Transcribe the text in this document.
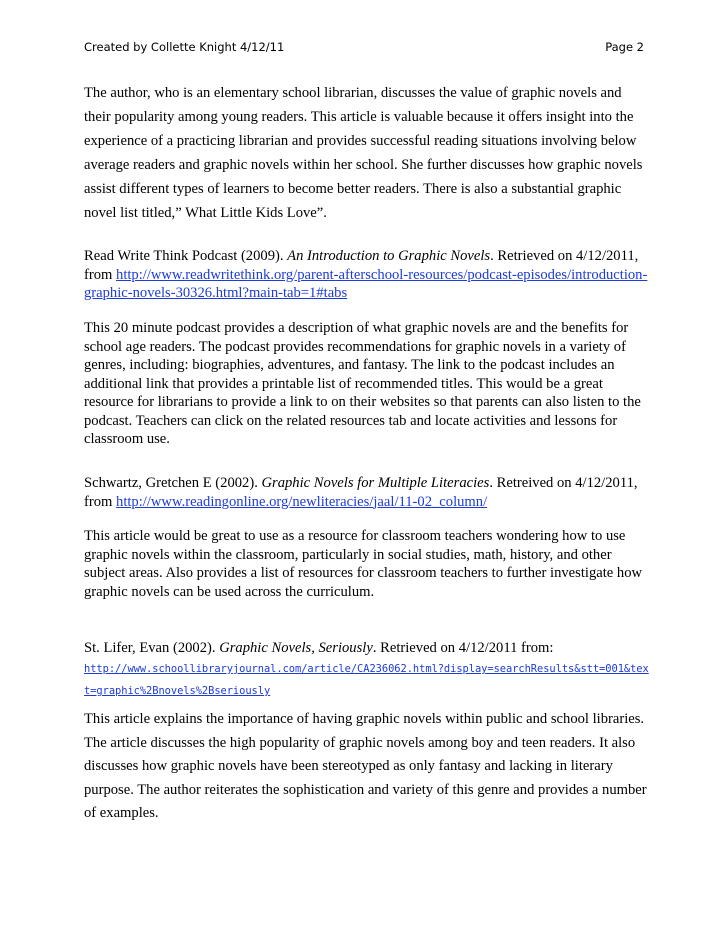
Created by Collette Knight 4/12/11	Page 2

The author, who is an elementary school librarian, discusses the value of graphic novels and their popularity among young readers. This article is valuable because it offers insight into the experience of a practicing librarian and provides successful reading situations involving below average readers and graphic novels within her school. She further discusses how graphic novels assist different types of learners to become better readers. There is also a substantial graphic novel list titled,” What Little Kids Love”.

Read Write Think Podcast (2009). An Introduction to Graphic Novels. Retrieved on 4/12/2011, from http://www.readwritethink.org/parent-afterschool-resources/podcast-episodes/introduction-graphic-novels-30326.html?main-tab=1#tabs

This 20 minute podcast provides a description of what graphic novels are and the benefits for school age readers. The podcast provides recommendations for graphic novels in a variety of genres, including: biographies, adventures, and fantasy. The link to the podcast includes an additional link that provides a printable list of recommended titles. This would be a great resource for librarians to provide a link to on their websites so that parents can also listen to the podcast. Teachers can click on the related resources tab and locate activities and lessons for classroom use.

Schwartz, Gretchen E (2002). Graphic Novels for Multiple Literacies. Retreived on 4/12/2011, from http://www.readingonline.org/newliteracies/jaal/11-02_column/

This article would be great to use as a resource for classroom teachers wondering how to use graphic novels within the classroom, particularly in social studies, math, history, and other subject areas. Also provides a list of resources for classroom teachers to further investigate how graphic novels can be used across the curriculum.

St. Lifer, Evan (2002). Graphic Novels, Seriously. Retrieved on 4/12/2011 from:

http://www.schoollibraryjournal.com/article/CA236062.html?display=searchResults&stt=001&text=graphic%2Bnovels%2Bseriously

This article explains the importance of having graphic novels within public and school libraries. The article discusses the high popularity of graphic novels among boy and teen readers. It also discusses how graphic novels have been stereotyped as only fantasy and lacking in literary purpose. The author reiterates the sophistication and variety of this genre and provides a number of examples.
